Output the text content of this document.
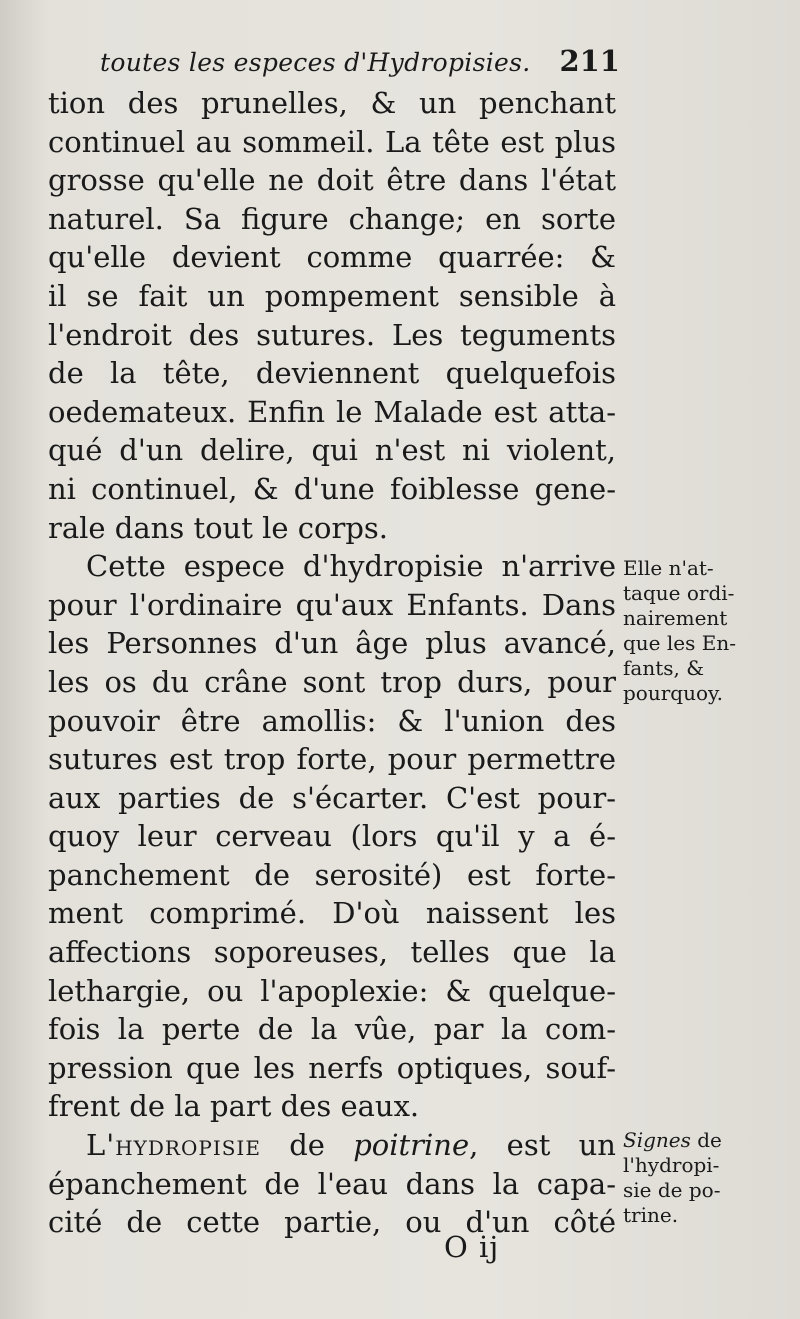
toutes les especes d'Hydropisies. 211
tion des prunelles, & un penchant
continuel au sommeil. La tête est plus
grosse qu'elle ne doit être dans l'état
naturel. Sa figure change; en sorte
qu'elle devient comme quarrée: &
il se fait un pompement sensible à
l'endroit des sutures. Les teguments
de la tête, deviennent quelquefois
oedemateux. Enfin le Malade est atta-
qué d'un delire, qui n'est ni violent,
ni continuel, & d'une foiblesse gene-
rale dans tout le corps.
Cette espece d'hydropisie n'arrive
pour l'ordinaire qu'aux Enfants. Dans
les Personnes d'un âge plus avancé,
les os du crâne sont trop durs, pour
pouvoir être amollis: & l'union des
sutures est trop forte, pour permettre
aux parties de s'écarter. C'est pour-
quoy leur cerveau (lors qu'il y a é-
panchement de serosité) est forte-
ment comprimé. D'où naissent les
affections soporeuses, telles que la
lethargie, ou l'apoplexie: & quelque-
fois la perte de la vûe, par la com-
pression que les nerfs optiques, souf-
frent de la part des eaux.
L'hydropisie de poitrine, est un
épanchement de l'eau dans la capa-
cité de cette partie, ou d'un côté
Elle n'at-
taque ordi-
nairement
que les En-
fants, &
pourquoy.
Signes de
l'hydropi-
sie de po-
trine.
O ij
